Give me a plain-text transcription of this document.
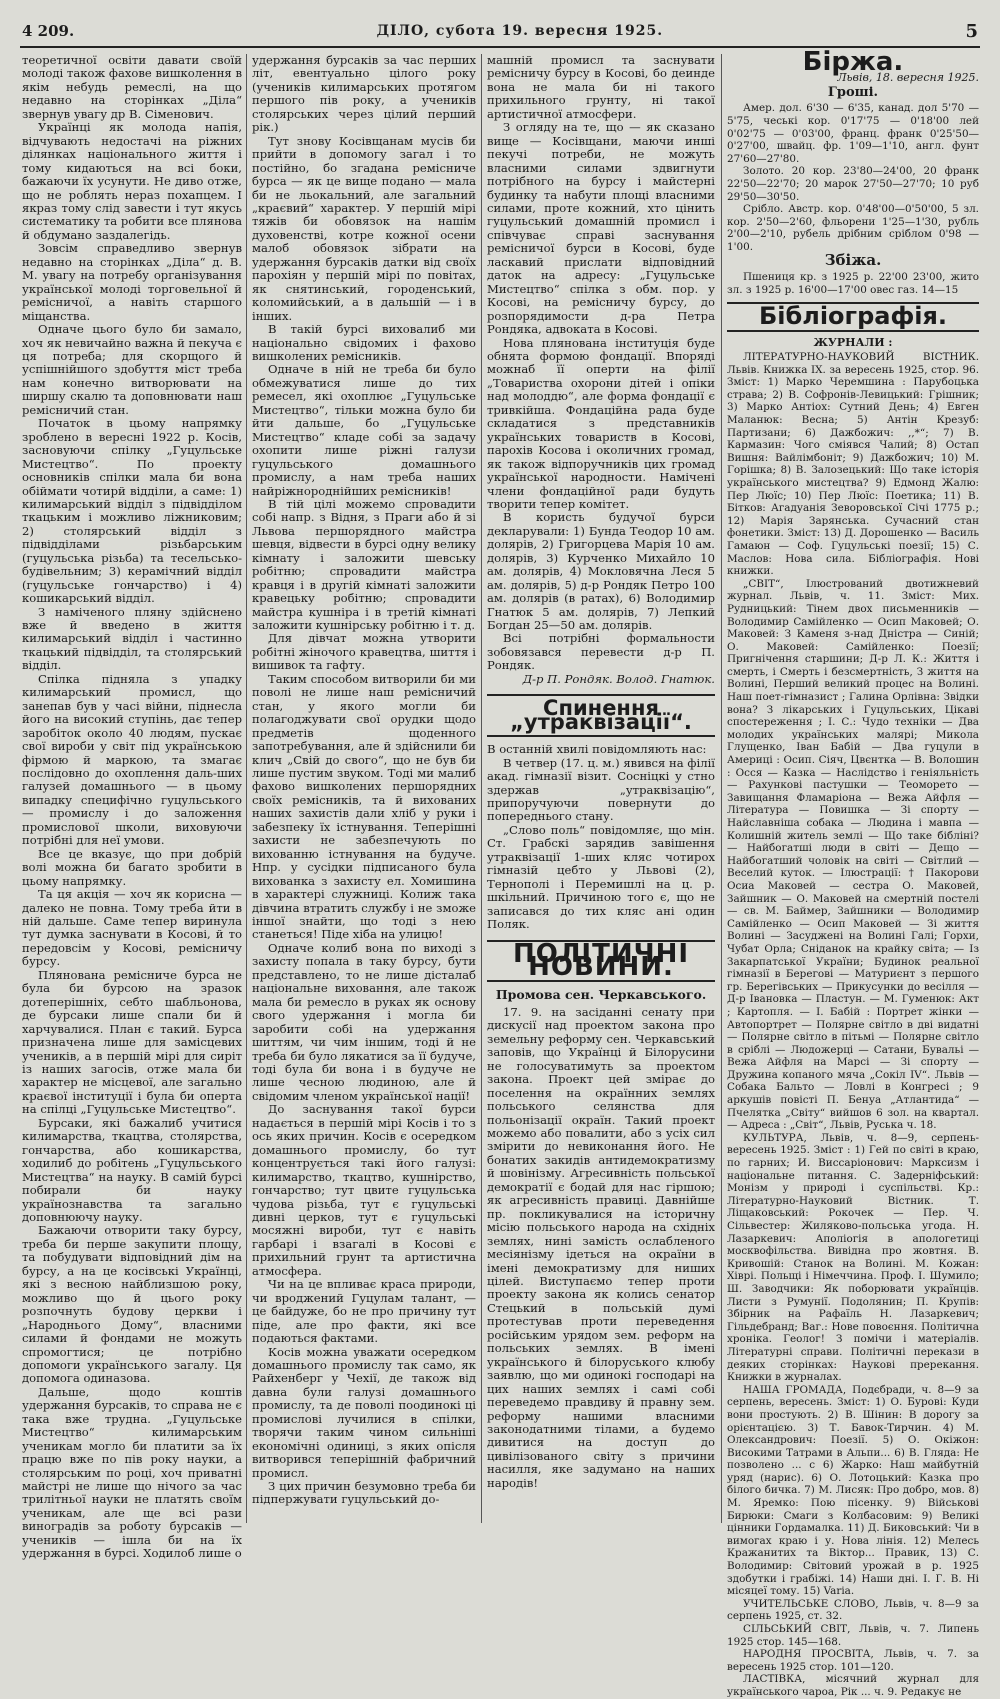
4 209.	ДІЛО, субота 19. вересня 1925.	5

теоретичної освіти давати своїй молоді також фахове вишколення в якім небудь ремеслі, на що недавно на сторінках „Діла“ звернув увагу др В. Сіменович.

Українці як молода напія, відчувають недостачі на ріжних ділянках національного життя і тому кидаються на всі боки, бажаючи їх усунути. Не диво отже, що не роблять нераз похапцем. І якраз тому слід завести і тут якусь систематику та робити все плянова й обдумано заздалегідь.

Зовсім справедливо звернув недавно на сторінках „Діла“ д. В. М. увагу на потребу організування української молоді торговельної й ремісничої, а навіть старшого міщанства.

Одначе цього було би замало, хоч як невичайно важна й пекуча є ця потреба; для скорщого й успішнійшого здобуття міст треба нам конечно витворювати на ширшу скалю та доповнювати наш ремісничий стан.

Початок в цьому напрямку зроблено в вересні 1922 р. Косів, засновуючи спілку „Гуцульське Мистецтво“. По проекту основників спілки мала би вона обіймати чотирй відділи, а саме: 1) килимарський відділ з підвідділом ткацьким і можливо ліжниковим; 2) столярський відділ з підвідділами різьбарським (гуцульська різьба) та тесельсько-будівельним; 3) керамічний відділ (гуцульське гончарство) і 4) кошикарський відділ.

З наміченого пляну здійснено вже й введено в життя килимарський відділ і частинно ткацький підвідділ, та столярський відділ.

Спілка підняла з упадку килимарський промисл, що занепав був у часі війни, піднесла його на високий ступінь, дає тепер заробіток около 40 людям, пускає свої вироби у світ під українською фірмою й маркою, та змагає послідовно до охоплення даль-ших галузей домашнього — в цьому випадку специфічно гуцульського — промислу і до заложення промислової школи, виховуючи потрібні для неї умови.

Все це вказує, що при добрій волі можна би багато зробити в цьому напрямку.

Та ця акція — хоч як корисна — далеко не повна. Тому треба йти в ній дальше. Саме тепер виринула тут думка заснувати в Косові, й то передовсім у Косові, ремісничу бурсу.

Плянована ремісниче бурса не була би бурсою на зразок дотеперішніх, себто шабльонова, де бурсаки лише спали би й харчувалися. План є такий. Бурса призначена лише для замісцевих учеників, а в першій мірі для сиріт із наших загосів, отже мала би характер не місцевої, але загально краєвої інституції і була би оперта на спілці „Гуцульське Мистецтво“.

Бурсаки, які бажалиб учитися килимарства, ткацтва, столярства, гончарства, або кошикарства, ходилиб до робітень „Гуцульського Мистецтва“ на науку. В самій бурсі побирали би науку українознавства та загально доповнюючу науку.

Бажаючи отворити таку бурсу, треба би перше закупити площу, та побудувати відповідний дім на бурсу, а на це косівські Українці, які з весною найблизшою року, можливо що й цього року розпочнуть будову церкви і „Народнього Дому“, власними силами й фондами не можуть спромогтися; це потрібно допомоги українського загалу. Ця допомога одиназова.

Дальше, щодо коштів удержання бурсаків, то справа не є така вже трудна. „Гуцульське Мистецтво“ килимарським ученикам могло би платити за їх працю вже по пів року науки, а столярським по році, хоч приватні майстрі не лише що нічого за час трилітньої науки не платять своїм ученикам, але ще всі рази виноградів за роботу бурсаків — учеників — ішла би на їх удержання в бурсі. Ходилоб лише о

удержання бурсаків за час перших літ, евентуально цілого року (учеників килимарських протягом першого пів року, а учеників столярських через цілий перший рік.)

Тут знову Косівщанам мусів би прийти в допомогу загал і то постійно, бо згадана ремісниче бурса — як це вище подано — мала би не льокальний, але загальний „краєвий“ характер. У першій мірі тяжів би обовязок на нашім духовенстві, котре кожної осени малоб обовязок зібрати на удержання бурсаків датки від своїх парохіян у першій мірі по повітах, як снятинський, городенський, коломийський, а в дальшій — і в інших.

В такій бурсі виховалиб ми національно свідомих і фахово вишколених ремісників.

Одначе в ній не треба би було обмежуватися лише до тих ремесел, які охоплює „Гуцульське Мистецтво“, тільки можна було би йти дальше, бо „Гуцульське Мистецтво“ кладе собі за задачу охопити лише ріжні галузи гуцульського домашнього промислу, а нам треба наших найріжнороднійших ремісників!

В тій цілі можемо спровадити собі напр. з Відня, з Праги або й зі Львова першорядного майстра шевця, відвести в бурсі одну велику кімнату і заложити шевську робітню; спровадити майстра кравця і в другій кімнаті заложити кравецьку робітню; спровадити майстра кушніра і в третій кімнаті заложити кушнірську робітню і т. д.

Для дівчат можна утворити робітні жіночого кравецтва, шиття і вишивок та гафту.

Таким способом витворили би ми поволі не лише наш ремісничий стан, у якого могли би полагоджувати свої орудки щодо предметів щоденного запотребування, але й здійснили би клич „Свій до свого“, що не був би лише пустим звуком. Тоді ми малиб фахово вишколених першорядних своїх ремісників, та й вихованих наших захистів дали хліб у руки і забезпеку їх істнування. Теперішні захисти не забезпечують по вихованню істнування на будуче. Нпр. у сусідки підписаного була вихованка з захисту ел. Хомишина в характері служниці. Колиж така дівчина втратить службу і не зможе іншої знайти, що тоді з нею станеться! Піде хіба на улицю!

Одначе колиб вона по виході з захисту попала в таку бурсу, бути представлено, то не лише дісталаб національне виховання, але також мала би ремесло в руках як основу свого удержання і могла би заробити собі на удержання шиттям, чи чим іншим, тоді й не треба би було лякатися за її будуче, тоді була би вона і в будуче не лише чесною людиною, але й свідомим членом української нації!

До заснування такої бурси надається в першій мірі Косів і то з ось яких причин. Косів є осередком домашнього промислу, бо тут концентрується такі його галузі: килимарство, ткацтво, кушнірство, гончарство; тут цвите гуцульська чудова різьба, тут є гуцульські дивні церков, тут є гуцульські мосяжні вироби, тут є навіть гарбарі і взагалі в Косові є прихильний грунт та артистична атмосфера.

Чи на це впливає краса природи, чи вроджений Гуцулам талант, — це байдуже, бо не про причину тут піде, але про факти, які все подаються фактами.

Косів можна уважати осередком домашнього промислу так само, як Райхенберг у Чехії, де також від давна були галузі домашнього промислу, та де поволі поодинокі ці промислові лучилися в спілки, творячи таким чином сильнішi економічні одиниці, з яких опісля витворився теперішній фабричний промисл.

З цих причин безумовно треба би підпержувати гуцульський до-

машній промисл та заснувати ремісничу бурсу в Косові, бо деинде вона не мала би ні такого прихильного грунту, ні такої артистичної атмосфери.

З огляду на те, що — як сказано вище — Косівщани, маючи инші пекучі потреби, не можуть власними силами здвигнути потрібного на бурсу і майстерні будинку та набути площі власними силами, проте кожний, хто цінить гуцульський домашній промисл і співчуває справі заснування ремісничої бурси в Косові, буде ласкавий прислати відповідний даток на адресу: „Гуцульське Мистецтво“ спілка з обм. пор. у Косові, на ремісничу бурсу, до розпорядимости д-ра Петра Рондяка, адвоката в Косові.

Нова плянована інституція буде обнята формою фондації. Впоряді можнаб її оперти на філії „Товариства охорони дітей і опіки над молоддю“, але форма фондації є тривкійша. Фондаційна рада буде складатися з представників українських товариств в Косові, парохів Косова і околичних громад, як також відпоручників цих громад української народности. Намічені члени фондаційної ради будуть творити тепер комітет.

В користь будучої бурси декларували: 1) Бунда Теодор 10 ам. долярів, 2) Григорцева Марія 10 ам. долярів, 3) Курченко Михайло 10 ам. долярів, 4) Мокловячна Леся 5 ам. долярів, 5) д-р Рондяк Петро 100 ам. долярів (в ратах), 6) Володимир Гнатюк 5 ам. долярів, 7) Лепкий Богдан 25—50 ам. долярів.

Всі потрібні формальности зобовязався перевести д-р П. Рондяк.

Д-р П. Рондяк. Волод. Гнатюк.

Спинення „утраквізації“.

В останній хвилі повідомляють нас:

В четвер (17. ц. м.) явився на філії акад. гімназії візит. Сосніцкі у стно здержав „утраквізацію“, припоручуючи повернути до попереднього стану.

„Слово поль“ повідомляє, що мін. Ст. Грабскі зарядив завішення утраквізації 1-ших кляс чотирох гімназій цебто у Львові (2), Тернополі і Перемишлі на ц. р. шкільний. Причиною того є, що не записався до тих кляс ані один Поляк.

ПОЛІТИЧНІ НОВИНИ.
Промова сен. Черкавського.

17. 9. на засіданні сенату при дискусії над проектом закона про земельну реформу сен. Черкавський заповів, що Українці й Білорусини не голосуватимуть за проектом закона. Проект цей змірає до поселення на окраїнних землях польського селянства для польонізації окраїн. Такий проект можемо або повалити, або з усіх сил змірити до невиконання його. Не бонатих закидів антидемократизму й шовінізму. Агресивність польської демократії є бодай для нас гіршою; як агресивність правиці. Давнійше пр. покликувалися на історичну місію польського народа на східніх землях, нині замість ослабленого месіянізму ідеться на окраїни в імені демократизму для ниших цілей. Виступаємо тепер проти проекту закона як колись сенатор Стецький в польській думі протестував проти переведення російським урядом зем. реформ на польських землях. В імені українського й білоруського клюбу заявлю, що ми одинокі господарі на цих наших землях і самі собі переведемо правдиву й правну зем. реформу нашими власними законодатними тілами, а будемо дивитися на доступ до цивілізованого світу з причини насилля, яке задумано на наших народів!

Біржа.
Львів, 18. вересня 1925.
Гроші.

Амер. дол. 6'30 — 6'35, канад. дол 5'70 — 5'75, чеські кор. 0'17'75 — 0'18'00 лей 0'02'75 — 0'03'00, франц. франк 0'25'50—0'27'00, швайц. фр. 1'09—1'10, англ. фунт 27'60—27'80.

Золото. 20 кор. 23'80—24'00, 20 франк 22'50—22'70; 20 марок 27'50—27'70; 10 руб 29'50—30'50.

Срібло. Австр. кор. 0'48'00—0'50'00, 5 зл. кор. 2'50—2'60, фльорени 1'25—1'30, рубль 2'00—2'10, рубель дрібним сріблом 0'98 —1'00.

Збіжа.

Пшениця кр. з 1925 р. 22'00 23'00, жито зл. з 1925 р. 16'00—17'00 овес газ. 14—15

Бібліографія.
ЖУРНАЛИ :

ЛІТЕРАТУРНО-НАУКОВИЙ ВІСТНИК. Львів. Книжка IX. за вересень 1925, стор. 96. Зміст: 1) Марко Черемшина : Парубоцька страва; 2) В. Софронів-Левицький: Грішник; 3) Марко Антіох: Сутний День; 4) Евген Маланюк: Весна; 5) Антін Крезуб: Партизани; 6) Дажбожич: ,,*“; 7) В. Кармазин: Чого сміявся Чалий; 8) Остап Вишня: Вайлімбоніт; 9) Дажбожич; 10) М. Горішка; 8) В. Залозецький: Що таке історія українського мистецтва? 9) Едмонд Жалю: Пер Люїс; 10) Пер Люїс: Поетика; 11) В. Бітков: Агадуанія Зеворовської Січі 1775 р.; 12) Марія Зарянська. Сучасний стан фонетики. Зміст: 13) Д. Дорошенко — Василь Гамаюн — Соф. Гуцульські поезії; 15) С. Маслов: Нова сила. Бібліографія. Нові книжки.

„СВІТ“, Ілюстрований двотижневий журнал. Львів, ч. 11. Зміст: Мих. Рудницький: Тінем двох письменників — Володимир Самійленко — Осип Маковей; О. Маковей: З Каменя з-над Дністра — Синій; О. Маковей: Самійленко: Поезії; Пригнічення старшини; Д-р Л. К.: Життя і смерть, і Смерть і безсмертність, З життя на Волині, Перший великий процес на Волині. Наш поет-гімназист ; Галина Орлівна: Звідки вона? З лікарських і Гуцульських, Цікаві спостереження ; І. С.: Чудо техніки — Два молодих українських малярі; Микола Глущенко, Іван Бабій — Два гуцули в Америці : Осип. Сіяч, Цвєнтка — В. Волошин : Осся — Казка — Наслідство і геніяльність — Рахункові пастушки — Теоморето — Завищання Фламаріона — Вежа Айфля — Література — Повишка — Зі спорту — Найславніша собака — Людина і мавпа — Колишній житель землі — Що таке бібліні? — Найбогатші люди в світі — Дещо — Найбогатший чоловік на світі — Світлий — Веселий куток. — Ілюстрації: † Пакорови Осиа Маковей — сестра О. Маковей, Зайшник — О. Маковей на смертній постелі — св. М. Баймер, Зайшники — Володимир Самійленко — Осип Маковей — Зі життя Волині — Засуджені на Волині Галі; Горхи, Чубат Орла; Сніданок на крайку світа; — Із Закарпатської України; Будинок реальної гімназії в Берегові — Матуриєнт з першого гр. Берегівських — Прикусунки до весілля — Д-р Івановка — Пластун. — М. Гуменюк: Акт ; Картопля. — І. Бабій : Портрет жінки — Автопортрет — Полярне світло в дві видатні — Полярне світло в пітьмі — Полярне світло в сріблі — Людожерці — Сатани, Бувальі — Вежа Айфля на Марсі — Зі спорту — Дружина копаного мяча „Сокіл IV“. Львів — Собака Бальто — Ловлі в Конгресі ; 9 аркушів повісті П. Бенуа „Атлантида“ — Пчелятка „Світу“ вийшов 6 зол. на квартал. — Адреса : „Світ“, Львів, Руська ч. 18.

КУЛЬТУРА, Львів, ч. 8—9, серпень-вересень 1925. Зміст : 1) Гей по світі в краю, по гарних; И. Виссаріонович: Марксизм і національне питання. С. Задерніфський: Монізм у природі і суспільстві. Кр.: Літературно-Науковий Вістник. Т. Ліщаковський: Рокочек — Пер. Ч. Сільвестер: Жиляково-польська угода. Н. Лазаркевич: Аполіогія в апологетиці москвофільства. Вивідна про жовтня. В. Кривошій: Станок на Волині. М. Кожан: Хіврі. Польщі і Німеччина. Проф. І. Шумило; Ш. Заводчики: Як поборювати українців. Листи з Румунії. Подолянин; П. Крупів: Збірник на Рафаїль Н. Лазаркевич; Гільдебранд; Ваг.: Нове повоєння. Політична хроніка. Геолог! З помічи і матеріалів. Літературні справи. Політичні перекази в деяких сторінках: Наукові пререкання. Книжки в журналах.

НАША ГРОМАДА, Подєбради, ч. 8—9 за серпень, вересень. Зміст: 1) О. Бурові: Куди вони простують. 2) В. Шінин: В дорогу за орієнтацією. 3) Т. Бавок-Тирчин. 4) М. Олександрович: Поезії. 5) О. Окіжон: Високими Татрами в Альпи... 6) В. Гляда: Не позволено ... с 6) Жарко: Наш майбутній уряд (нарис). 6) О. Лотоцький: Казка про білого бичка. 7) М. Лисяк: Про добро, мов. 8) М. Яремко: Пою пісенку. 9) Військові Бирюки: Смаги з Колбасовим: 9) Великі цінники Гордамалка. 11) Д. Биковський: Чи в вимогах краю і у. Нова лінія. 12) Мелесь Кражанитих та Віктор... Правик, 13) С. Володимир: Світовий урожай в р. 1925 здобутки і грабіжі. 14) Наши дні. І. Г. В. Ні місяцеї тому. 15) Varia.

УЧИТЕЛЬСЬКЕ СЛОВО, Львів, ч. 8—9 за серпень 1925, ст. 32.

СІЛЬСЬКИЙ СВІТ, Львів, ч. 7. Липень 1925 стор. 145—168.

НАРОДНЯ ПРОСВІТА, Львів, ч. 7. за вересень 1925 стор. 101—120.

ЛАСТІВКА, місячний журнал для українського чароа, Рік ... ч. 9. Редакує не
